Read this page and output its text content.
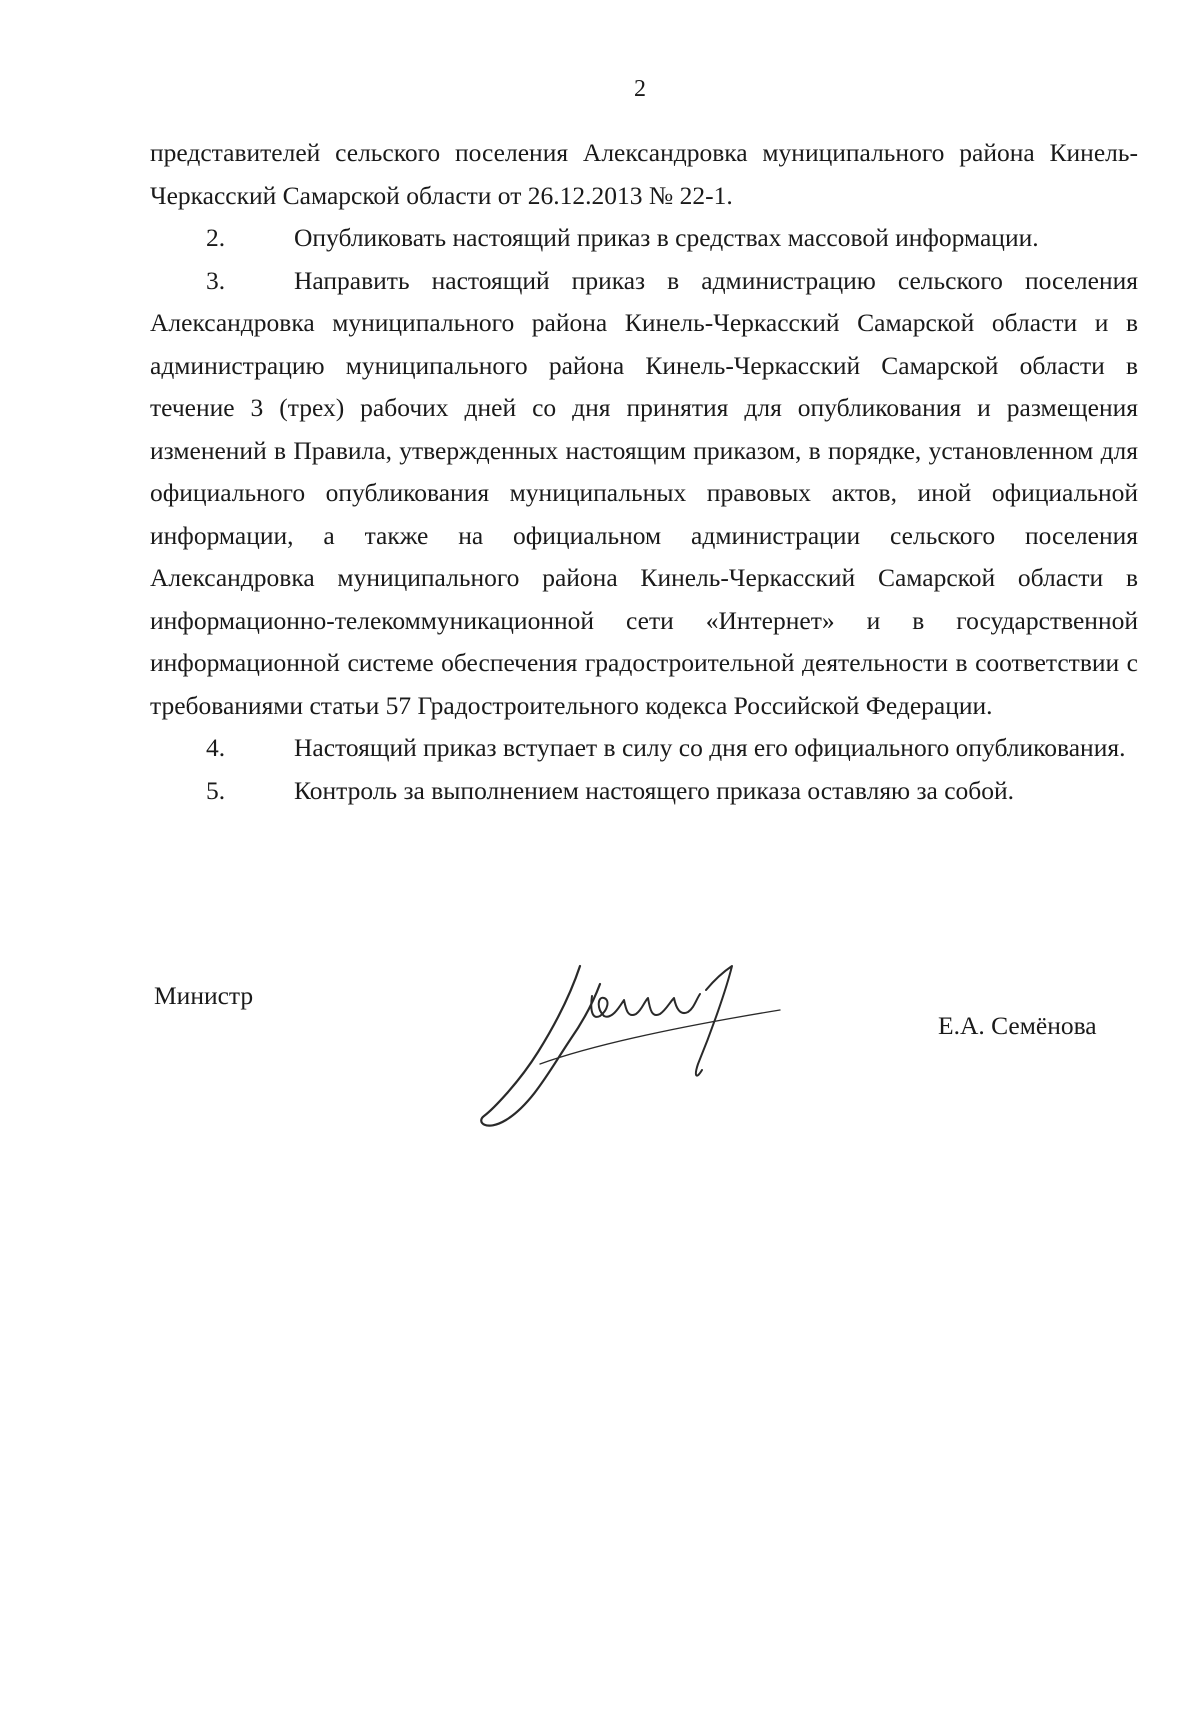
2

представителей сельского поселения Александровка муниципального района Кинель-Черкасский Самарской области от 26.12.2013 № 22-1.

2.	Опубликовать настоящий приказ в средствах массовой информации.

3.	Направить настоящий приказ в администрацию сельского поселения Александровка муниципального района Кинель-Черкасский Самарской области и в администрацию муниципального района Кинель-Черкасский Самарской области в течение 3 (трех) рабочих дней со дня принятия для опубликования и размещения изменений в Правила, утвержденных настоящим приказом, в порядке, установленном для официального опубликования муниципальных правовых актов, иной официальной информации, а также на официальном администрации сельского поселения Александровка муниципального района Кинель-Черкасский Самарской области в информационно-телекоммуникационной сети «Интернет» и в государственной информационной системе обеспечения градостроительной деятельности в соответствии с требованиями статьи 57 Градостроительного кодекса Российской Федерации.

4.	Настоящий приказ вступает в силу со дня его официального опубликования.

5.	Контроль за выполнением настоящего приказа оставляю за собой.

Министр
Е.А. Семёнова
